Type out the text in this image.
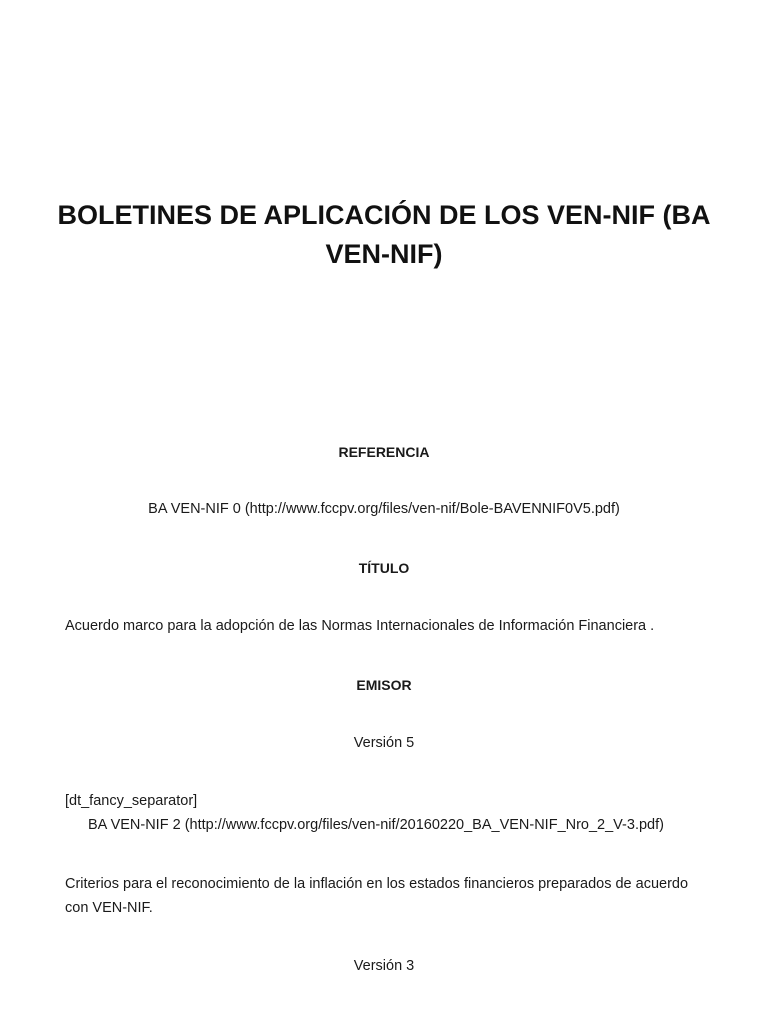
BOLETINES DE APLICACIÓN DE LOS VEN-NIF (BA VEN-NIF)

REFERENCIA

BA VEN-NIF 0 (http://www.fccpv.org/files/ven-nif/Bole-BAVENNIF0V5.pdf)

TÍTULO

Acuerdo marco para la adopción de las Normas Internacionales de Información Financiera .

EMISOR

Versión 5

[dt_fancy_separator]

BA VEN-NIF 2 (http://www.fccpv.org/files/ven-nif/20160220_BA_VEN-NIF_Nro_2_V-3.pdf)

Criterios para el reconocimiento de la inflación en los estados financieros preparados de acuerdo con VEN-NIF.

Versión 3
